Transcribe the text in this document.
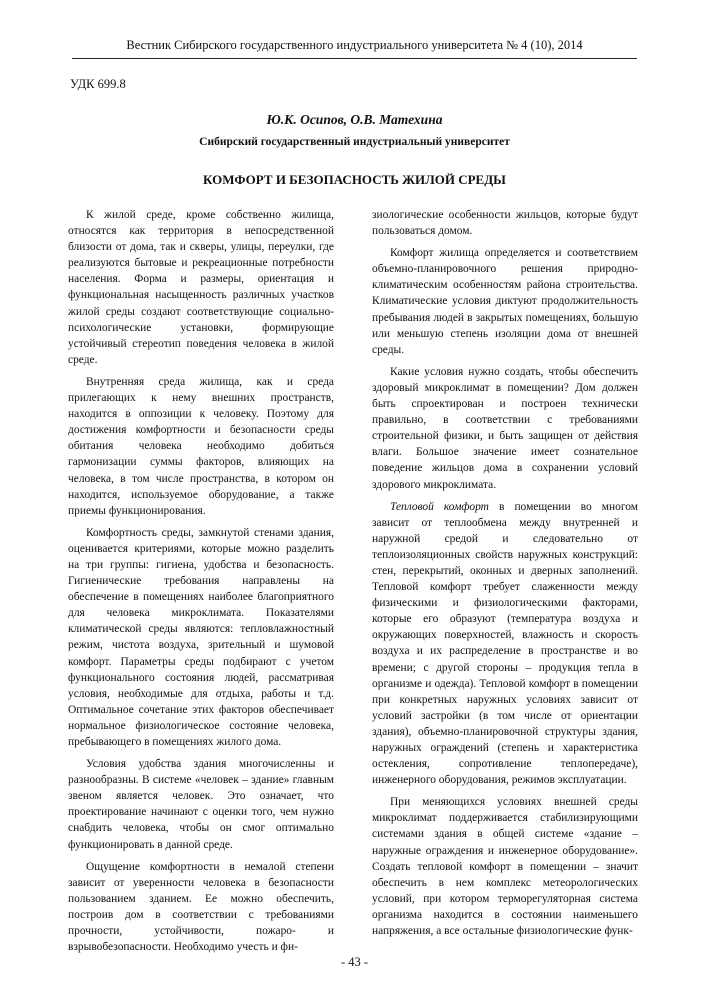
Вестник Сибирского государственного индустриального университета № 4 (10), 2014
УДК 699.8
Ю.К. Осипов, О.В. Матехина
Сибирский государственный индустриальный университет
КОМФОРТ И БЕЗОПАСНОСТЬ ЖИЛОЙ СРЕДЫ

К жилой среде, кроме собственно жилища, относятся как территория в непосредственной близости от дома, так и скверы, улицы, переулки, где реализуются бытовые и рекреационные потребности населения. Форма и размеры, ориентация и функциональная насыщенность различных участков жилой среды создают соответствующие социально-психологические установки, формирующие устойчивый стереотип поведения человека в жилой среде.

Внутренняя среда жилища, как и среда прилегающих к нему внешних пространств, находится в оппозиции к человеку. Поэтому для достижения комфортности и безопасности среды обитания человека необходимо добиться гармонизации суммы факторов, влияющих на человека, в том числе пространства, в котором он находится, используемое оборудование, а также приемы функционирования.

Комфортность среды, замкнутой стенами здания, оценивается критериями, которые можно разделить на три группы: гигиена, удобства и безопасность. Гигиенические требования направлены на обеспечение в помещениях наиболее благоприятного для человека микроклимата. Показателями климатической среды являются: тепловлажностный режим, чистота воздуха, зрительный и шумовой комфорт. Параметры среды подбирают с учетом функционального состояния людей, рассматривая условия, необходимые для отдыха, работы и т.д. Оптимальное сочетание этих факторов обеспечивает нормальное физиологическое состояние человека, пребывающего в помещениях жилого дома.

Условия удобства здания многочисленны и разнообразны. В системе «человек – здание» главным звеном является человек. Это означает, что проектирование начинают с оценки того, чем нужно снабдить человека, чтобы он смог оптимально функционировать в данной среде.

Ощущение комфортности в немалой степени зависит от уверенности человека в безопасности пользованием зданием. Ее можно обеспечить, построив дом в соответствии с требованиями прочности, устойчивости, пожаро- и взрывобезопасности. Необходимо учесть и фи-

зиологические особенности жильцов, которые будут пользоваться домом.

Комфорт жилища определяется и соответствием объемно-планировочного решения природно-климатическим особенностям района строительства. Климатические условия диктуют продолжительность пребывания людей в закрытых помещениях, большую или меньшую степень изоляции дома от внешней среды.

Какие условия нужно создать, чтобы обеспечить здоровый микроклимат в помещении? Дом должен быть спроектирован и построен технически правильно, в соответствии с требованиями строительной физики, и быть защищен от действия влаги. Большое значение имеет сознательное поведение жильцов дома в сохранении условий здорового микроклимата.

Тепловой комфорт в помещении во многом зависит от теплообмена между внутренней и наружной средой и следовательно от теплоизоляционных свойств наружных конструкций: стен, перекрытий, оконных и дверных заполнений. Тепловой комфорт требует слаженности между физическими и физиологическими факторами, которые его образуют (температура воздуха и окружающих поверхностей, влажность и скорость воздуха и их распределение в пространстве и во времени; с другой стороны – продукция тепла в организме и одежда). Тепловой комфорт в помещении при конкретных наружных условиях зависит от условий застройки (в том числе от ориентации здания), объемно-планировочной структуры здания, наружных ограждений (степень и характеристика остекления, сопротивление теплопередаче), инженерного оборудования, режимов эксплуатации.

При меняющихся условиях внешней среды микроклимат поддерживается стабилизирующими системами здания в общей системе «здание – наружные ограждения и инженерное оборудование». Создать тепловой комфорт в помещении – значит обеспечить в нем комплекс метеорологических условий, при котором терморегуляторная система организма находится в состоянии наименьшего напряжения, а все остальные физиологические функ-

- 43 -
